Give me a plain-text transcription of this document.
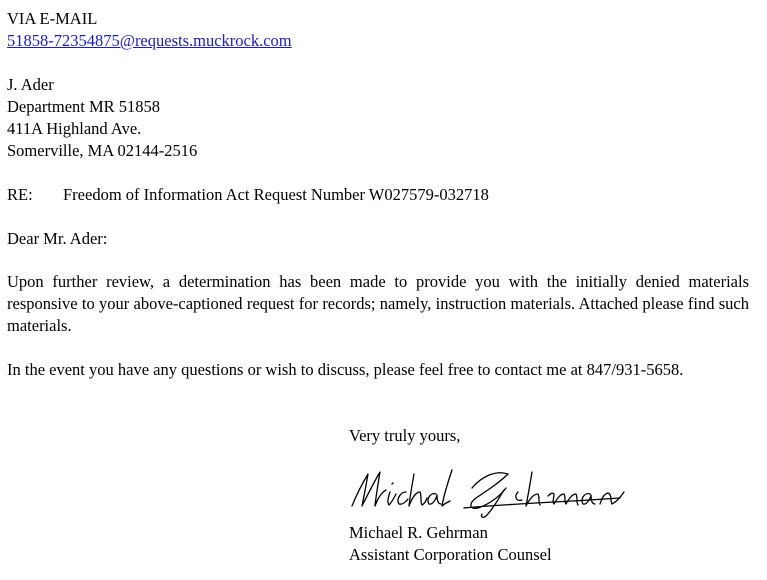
VIA E-MAIL
51858-72354875@requests.muckrock.com
J. Ader
Department MR 51858
411A Highland Ave.
Somerville, MA 02144-2516
RE: Freedom of Information Act Request Number W027579-032718
Dear Mr. Ader:
Upon further review, a determination has been made to provide you with the initially denied materials responsive to your above-captioned request for records; namely, instruction materials. Attached please find such materials.
In the event you have any questions or wish to discuss, please feel free to contact me at 847/931-5658.
Very truly yours,
Michael R. Gehrman
Assistant Corporation Counsel
